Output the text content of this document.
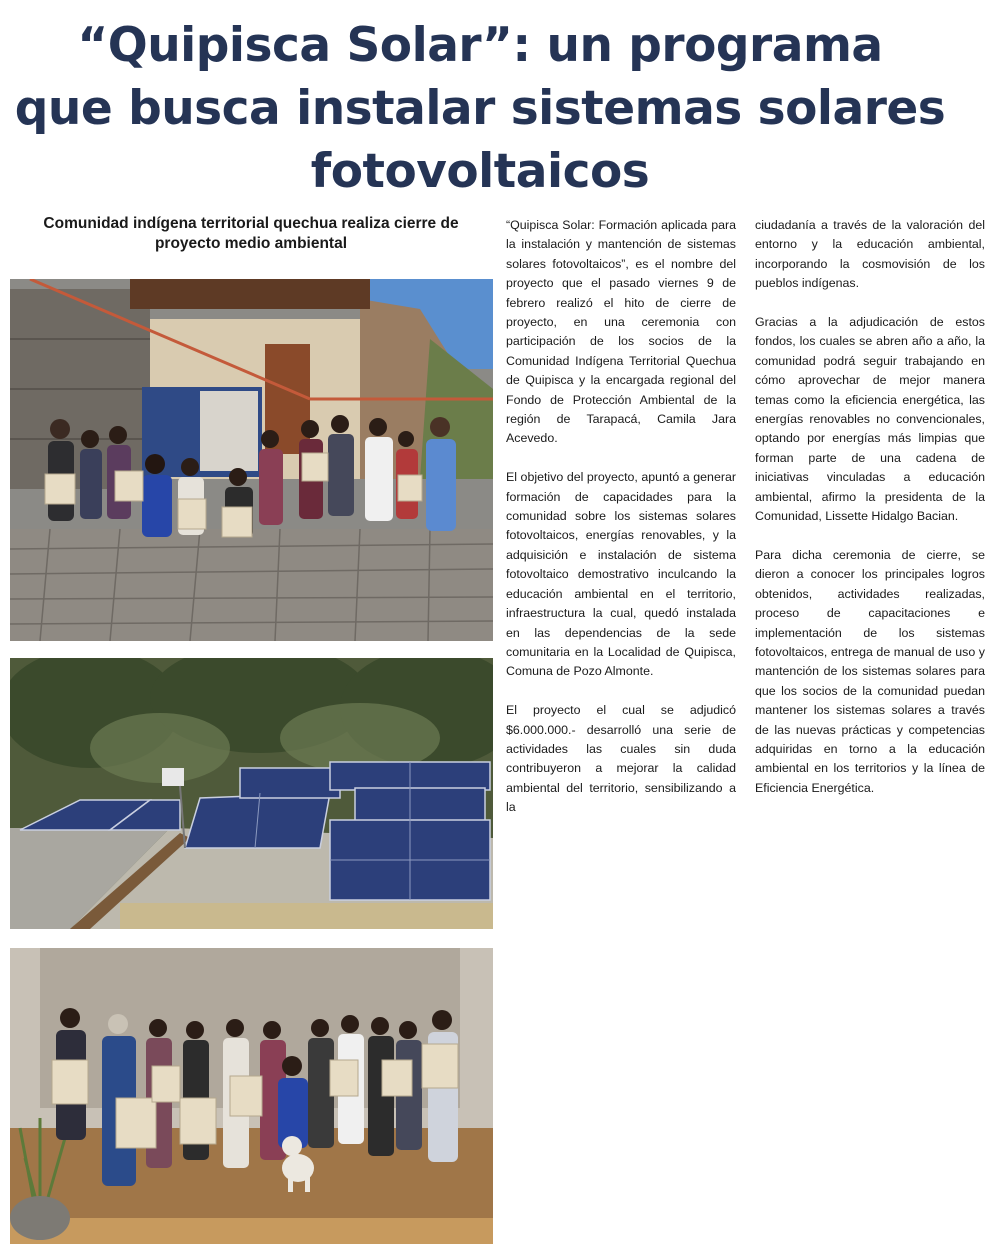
“Quipisca Solar”: un programa
que busca instalar sistemas solares
fotovoltaicos
Comunidad indígena territorial quechua realiza cierre de proyecto medio ambiental

“Quipisca Solar: Formación aplicada para la instalación y mantención de sistemas solares fotovoltaicos”, es el nombre del proyecto que el pasado viernes 9 de febrero realizó el hito de cierre de proyecto, en una ceremonia con participación de los socios de la Comunidad Indígena Territorial Quechua de Quipisca y la encargada regional del Fondo de Protección Ambiental de la región de Tarapacá, Camila Jara Acevedo.

El objetivo del proyecto, apuntó a generar formación de capacidades para la comunidad sobre los sistemas solares fotovoltaicos, energías renovables, y la adquisición e instalación de sistema fotovoltaico demostrativo inculcando la educación ambiental en el territorio, infraestructura la cual, quedó instalada en las dependencias de la sede comunitaria en la Localidad de Quipisca, Comuna de Pozo Almonte.

El proyecto el cual se adjudicó $6.000.000.- desarrolló una serie de actividades las cuales sin duda contribuyeron a mejorar la calidad ambiental del territorio, sensibilizando a la

ciudadanía a través de la valoración del entorno y la educación ambiental, incorporando la cosmovisión de los pueblos indígenas.

Gracias a la adjudicación de estos fondos, los cuales se abren año a año, la comunidad podrá seguir trabajando en cómo aprovechar de mejor manera temas como la eficiencia energética, las energías renovables no convencionales, optando por energías más limpias que forman parte de una cadena de iniciativas vinculadas a educación ambiental, afirmo la presidenta de la Comunidad, Lissette Hidalgo Bacian.

Para dicha ceremonia de cierre, se dieron a conocer los principales logros obtenidos, actividades realizadas, proceso de capacitaciones e implementación de los sistemas fotovoltaicos, entrega de manual de uso y mantención de los sistemas solares para que los socios de la comunidad puedan mantener los sistemas solares a través de las nuevas prácticas y competencias adquiridas en torno a la educación ambiental en los territorios y la línea de Eficiencia Energética.
